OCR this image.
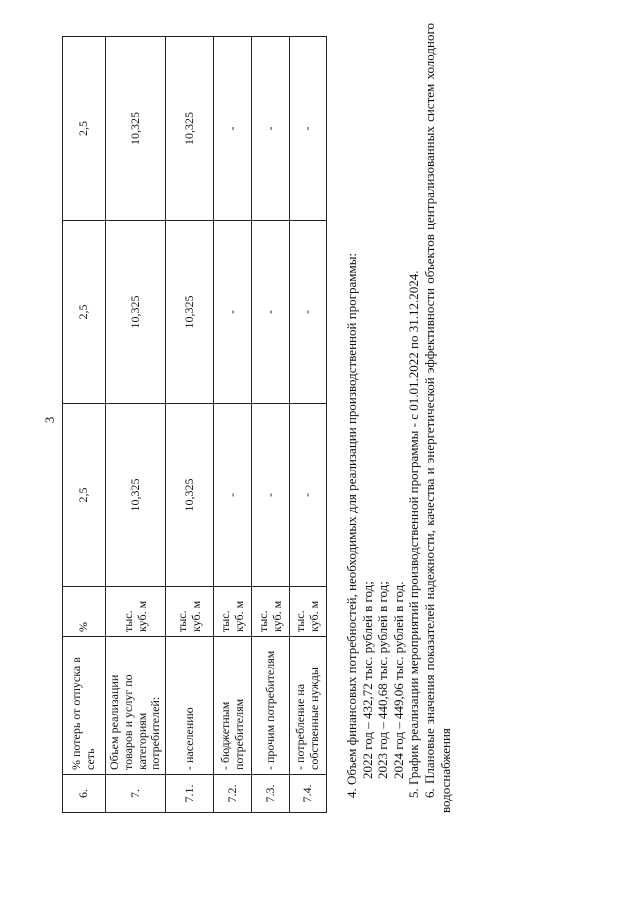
3
6.	% потерь от отпуска в сеть	%	2,5	2,5	2,5
7.	Объем реализации товаров и услуг по категориям потребителей:	тыс. куб. м	10,325	10,325	10,325
7.1.	- населению	тыс. куб. м	10,325	10,325	10,325
7.2.	- бюджетным потребителям	тыс. куб. м	-	-	-
7.3.	- прочим потребителям	тыс. куб. м	-	-	-
7.4.	- потребление на собственные нужды	тыс. куб. м	-	-	-

4. Объем финансовых потребностей, необходимых для реализации производственной программы: 2022 год – 432,72 тыс. рублей в год; 2023 год – 440,68 тыс. рублей в год; 2024 год – 449,06 тыс. рублей в год. 5. График реализации мероприятий производственной программы - с 01.01.2022 по 31.12.2024. 6. Плановые значения показателей надежности, качества и энергетической эффективности объектов централизованных систем холодного водоснабжения
